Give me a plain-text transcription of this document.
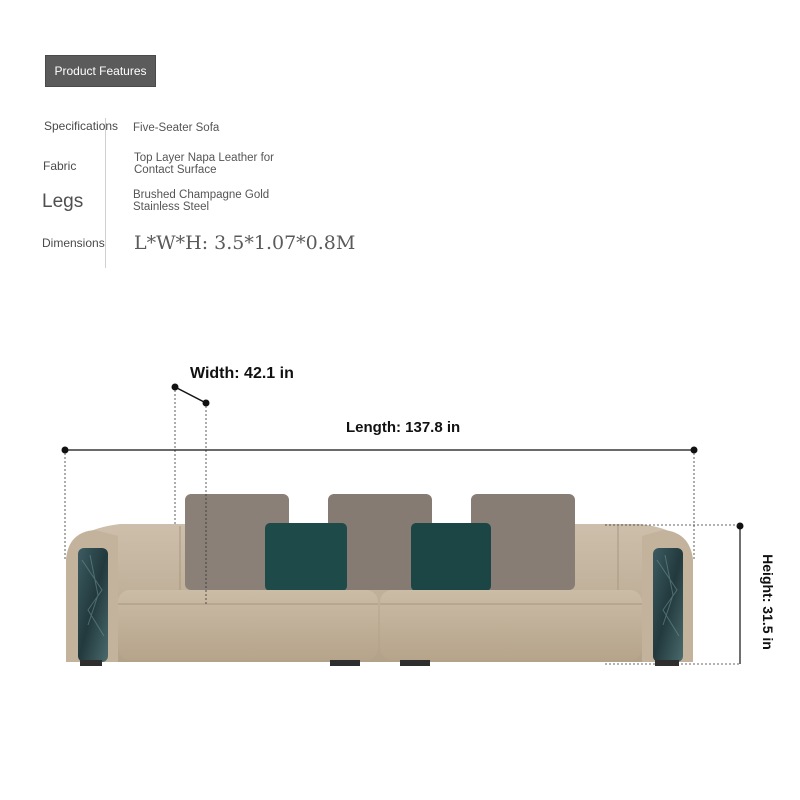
Product Features
Specifications Five-Seater Sofa
Fabric
Top Layer Napa Leather for
Contact Surface
Legs	Brushed Champagne Gold
Stainless Steel
Dimensions L*W*H: 3.5*1.07*0.8M
Width: 42.1 in
Length: 137.8 in
Height: 31.5 in
